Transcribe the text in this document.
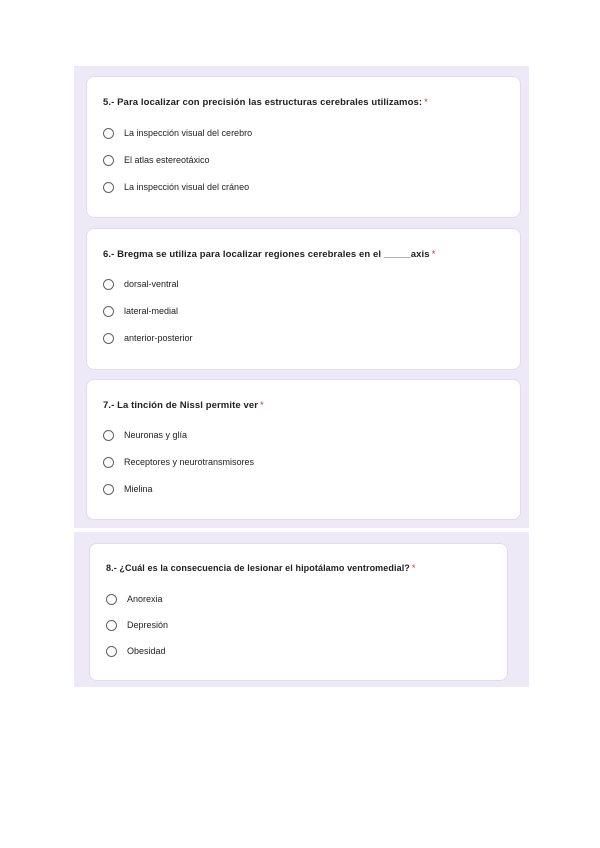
5.- Para localizar con precisión las estructuras cerebrales utilizamos: *

La inspección visual del cerebro
El atlas estereotáxico
La inspección visual del cráneo

6.- Bregma se utiliza para localizar regiones cerebrales en el _____axis *

dorsal-ventral
lateral-medial
anterior-posterior

7.- La tinción de Nissl permite ver *

Neuronas y glía
Receptores y neurotransmisores
Mielina

8.- ¿Cuál es la consecuencia de lesionar el hipotálamo ventromedial? *

Anorexia
Depresión
Obesidad
